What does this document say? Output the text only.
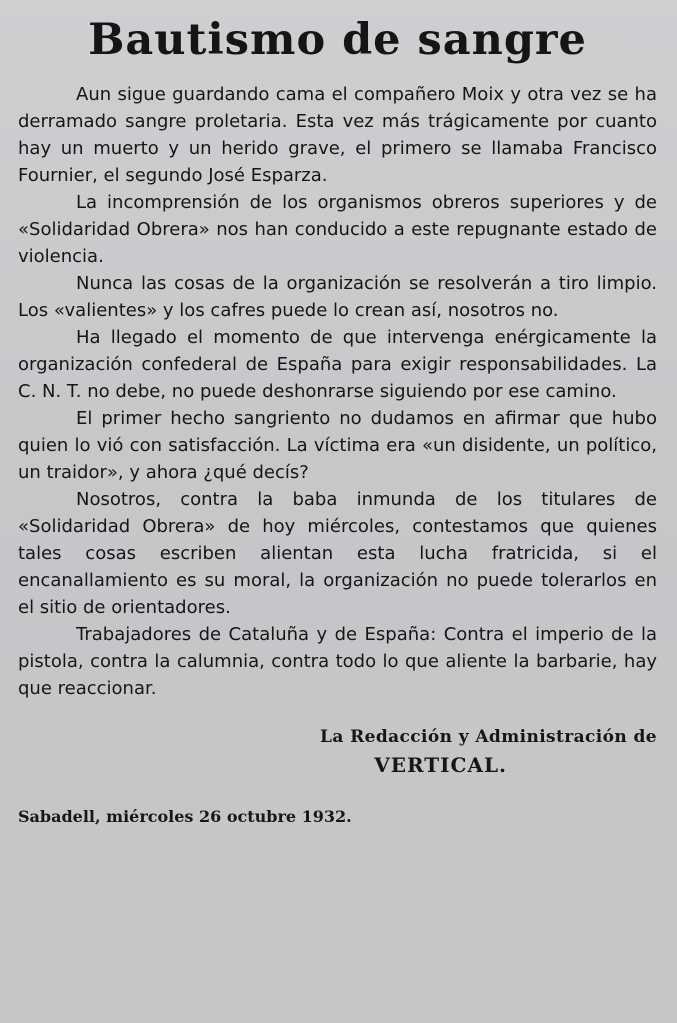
Bautismo de sangre

Aun sigue guardando cama el compañero Moix y otra vez se ha derramado sangre proletaria. Esta vez más trágicamente por cuanto hay un muerto y un herido grave, el primero se llamaba Francisco Fournier, el segundo José Esparza.

La incomprensión de los organismos obreros superiores y de «Solidaridad Obrera» nos han conducido a este repugnante estado de violencia.

Nunca las cosas de la organización se resolverán a tiro limpio. Los «valientes» y los cafres puede lo crean así, nosotros no.

Ha llegado el momento de que intervenga enérgicamente la organización confederal de España para exigir responsabilidades. La C. N. T. no debe, no puede deshonrarse siguiendo por ese camino.

El primer hecho sangriento no dudamos en afirmar que hubo quien lo vió con satisfacción. La víctima era «un disidente, un político, un traidor», y ahora ¿qué decís?

Nosotros, contra la baba inmunda de los titulares de «Solidaridad Obrera» de hoy miércoles, contestamos que quienes tales cosas escriben alientan esta lucha fratricida, si el encanallamiento es su moral, la organización no puede tolerarlos en el sitio de orientadores.

Trabajadores de Cataluña y de España: Contra el imperio de la pistola, contra la calumnia, contra todo lo que aliente la barbarie, hay que reaccionar.

La Redacción y Administración de
VERTICAL.
Sabadell, miércoles 26 octubre 1932.
